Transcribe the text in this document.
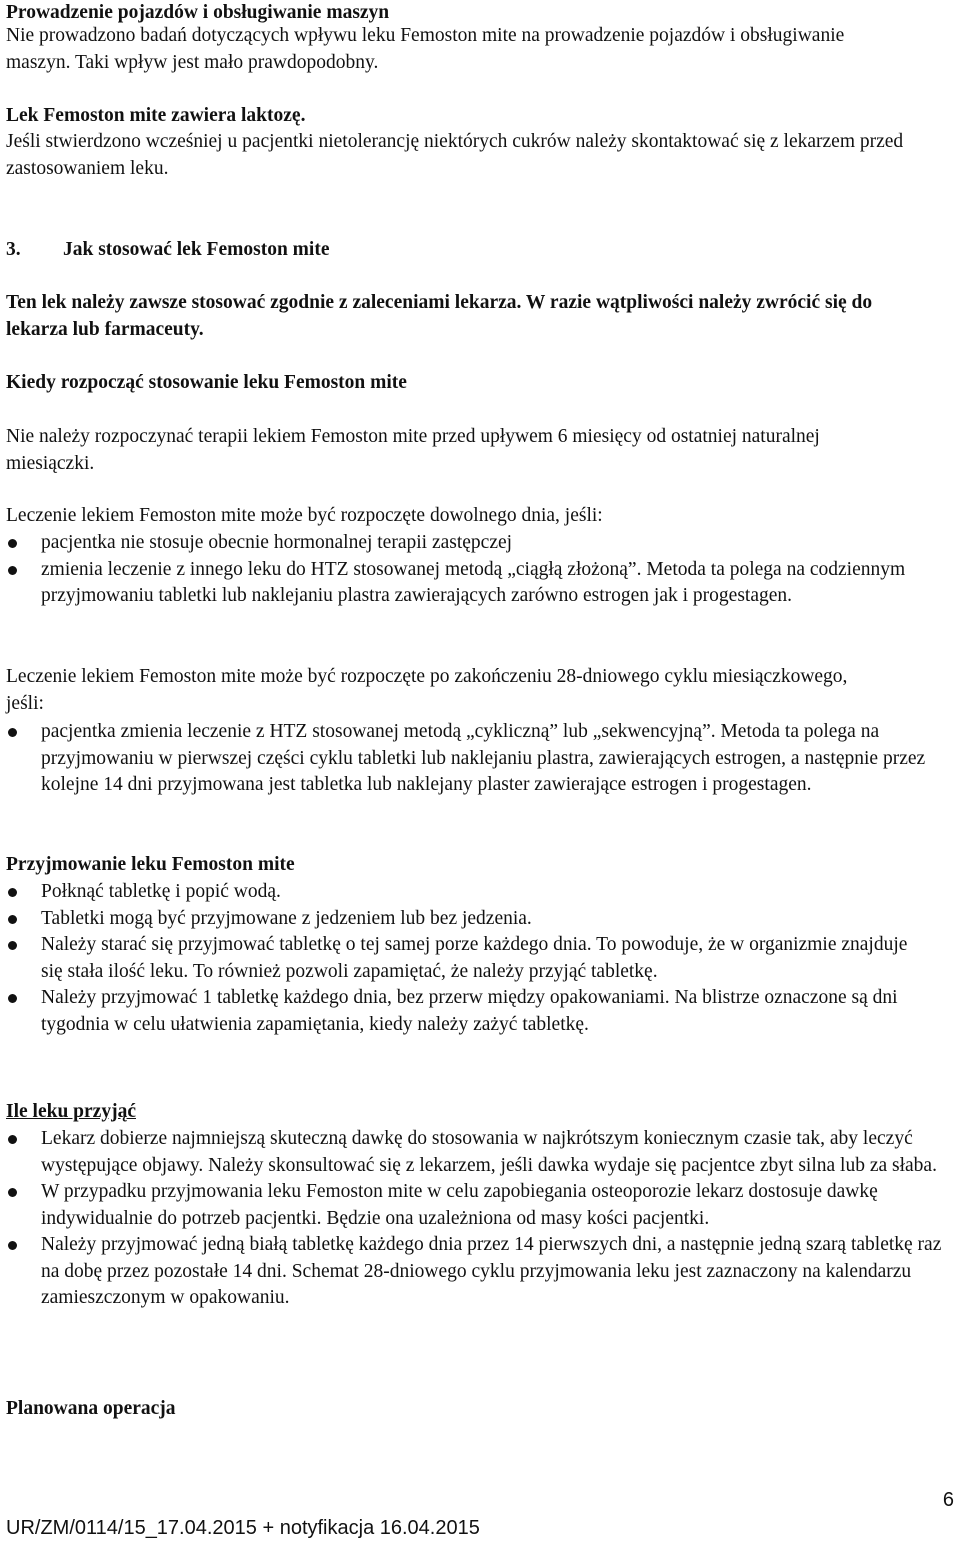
Prowadzenie pojazdów i obsługiwanie maszyn

Nie prowadzono badań dotyczących wpływu leku Femoston mite na prowadzenie pojazdów i obsługiwanie maszyn. Taki wpływ jest mało prawdopodobny.

Lek Femoston mite zawiera laktozę.

Jeśli stwierdzono wcześniej u pacjentki nietolerancję niektórych cukrów należy skontaktować się z lekarzem przed zastosowaniem leku.

3. Jak stosować lek Femoston mite

Ten lek należy zawsze stosować zgodnie z zaleceniami lekarza. W razie wątpliwości należy zwrócić się do lekarza lub farmaceuty.

Kiedy rozpocząć stosowanie leku Femoston mite

Nie należy rozpoczynać terapii lekiem Femoston mite przed upływem 6 miesięcy od ostatniej naturalnej miesiączki.

Leczenie lekiem Femoston mite może być rozpoczęte dowolnego dnia, jeśli:

pacjentka nie stosuje obecnie hormonalnej terapii zastępczej
zmienia leczenie z innego leku do HTZ stosowanej metodą „ciągłą złożoną”. Metoda ta polega na codziennym przyjmowaniu tabletki lub naklejaniu plastra zawierających zarówno estrogen jak i progestagen.

Leczenie lekiem Femoston mite może być rozpoczęte po zakończeniu 28-dniowego cyklu miesiączkowego, jeśli:

pacjentka zmienia leczenie z HTZ stosowanej metodą „cykliczną” lub „sekwencyjną”. Metoda ta polega na przyjmowaniu w pierwszej części cyklu tabletki lub naklejaniu plastra, zawierających estrogen, a następnie przez kolejne 14 dni przyjmowana jest tabletka lub naklejany plaster zawierające estrogen i progestagen.

Przyjmowanie leku Femoston mite

Połknąć tabletkę i popić wodą.
Tabletki mogą być przyjmowane z jedzeniem lub bez jedzenia.
Należy starać się przyjmować tabletkę o tej samej porze każdego dnia. To powoduje, że w organizmie znajduje się stała ilość leku. To również pozwoli zapamiętać, że należy przyjąć tabletkę.
Należy przyjmować 1 tabletkę każdego dnia, bez przerw między opakowaniami. Na blistrze oznaczone są dni tygodnia w celu ułatwienia zapamiętania, kiedy należy zażyć tabletkę.

Ile leku przyjąć

Lekarz dobierze najmniejszą skuteczną dawkę do stosowania w najkrótszym koniecznym czasie tak, aby leczyć występujące objawy. Należy skonsultować się z lekarzem, jeśli dawka wydaje się pacjentce zbyt silna lub za słaba.
W przypadku przyjmowania leku Femoston mite w celu zapobiegania osteoporozie lekarz dostosuje dawkę indywidualnie do potrzeb pacjentki. Będzie ona uzależniona od masy kości pacjentki.
Należy przyjmować jedną białą tabletkę każdego dnia przez 14 pierwszych dni, a następnie jedną szarą tabletkę raz na dobę przez pozostałe 14 dni. Schemat 28-dniowego cyklu przyjmowania leku jest zaznaczony na kalendarzu zamieszczonym w opakowaniu.

Planowana operacja

6
UR/ZM/0114/15_17.04.2015 + notyfikacja 16.04.2015
